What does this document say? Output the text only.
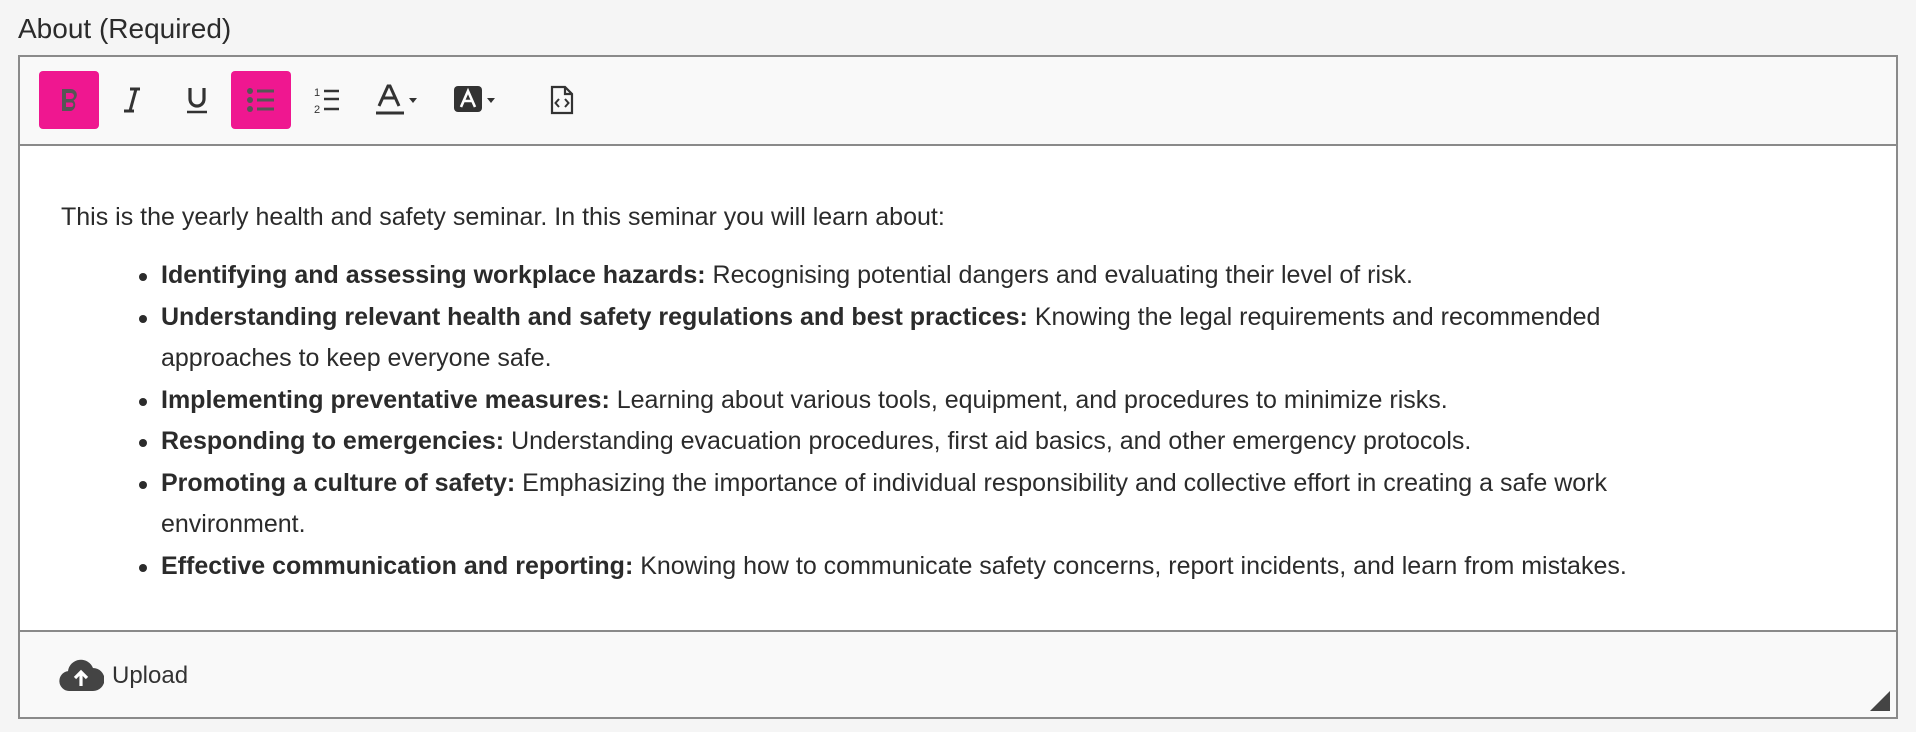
About (Required)
1
2

This is the yearly health and safety seminar. In this seminar you will learn about:

Identifying and assessing workplace hazards: Recognising potential dangers and evaluating their level of risk.
Understanding relevant health and safety regulations and best practices: Knowing the legal requirements and recommended approaches to keep everyone safe.
Implementing preventative measures: Learning about various tools, equipment, and procedures to minimize risks.
Responding to emergencies: Understanding evacuation procedures, first aid basics, and other emergency protocols.
Promoting a culture of safety: Emphasizing the importance of individual responsibility and collective effort in creating a safe work environment.
Effective communication and reporting: Knowing how to communicate safety concerns, report incidents, and learn from mistakes.
Upload
